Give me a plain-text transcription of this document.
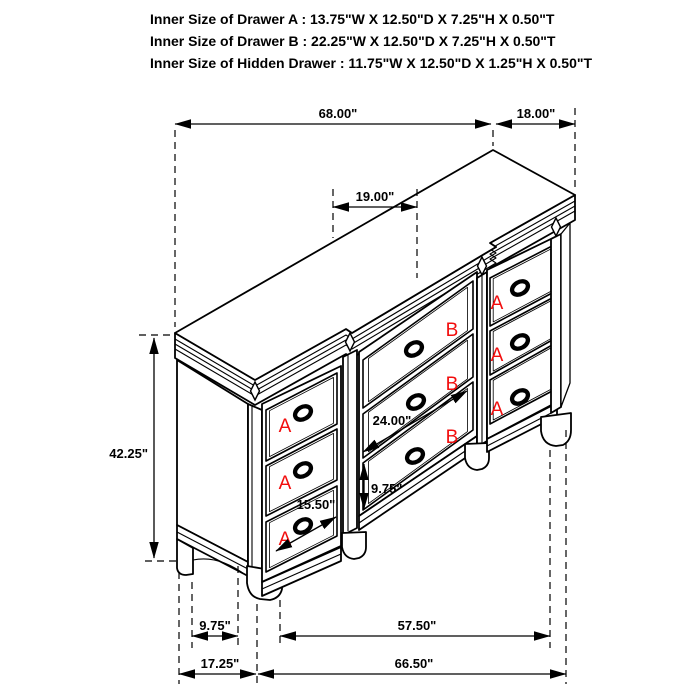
Inner Size of Drawer A : 13.75"W X 12.50"D X 7.25"H X 0.50"T
Inner Size of Drawer B : 22.25"W X 12.50"D X 7.25"H X 0.50"T
Inner Size of Hidden Drawer : 11.75"W X 12.50"D X 1.25"H X 0.50"T
A
A
A
B
B
B
A
A
A
68.00"	18.00"
19.00"
42.25"
24.00"
15.50"
9.75"
9.75"	57.50"
17.25"	66.50"
